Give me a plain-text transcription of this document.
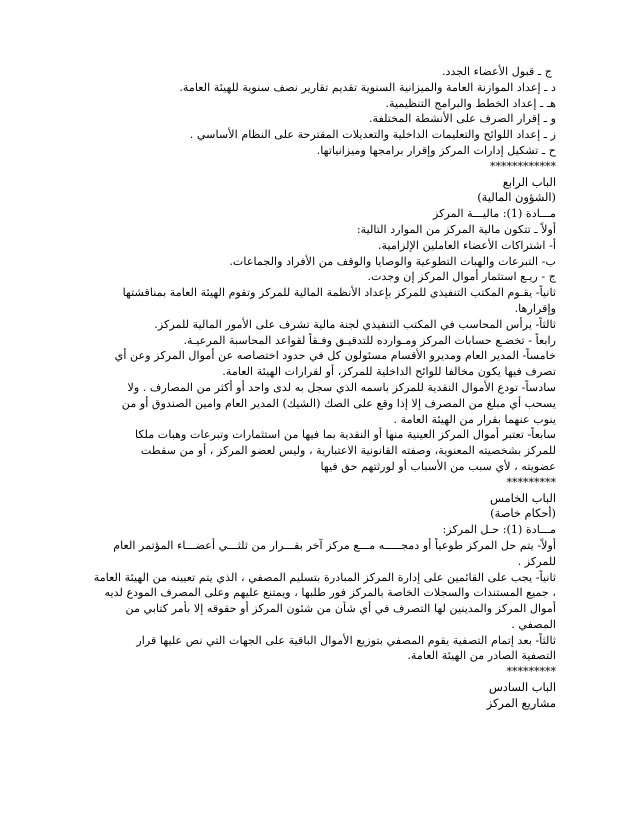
ج ـ قبول الأعضاء الجدد.
د ـ إعداد الموازنة العامة والميزانية السنوية تقديم تقارير نصف سنوية للهيئة العامة.
هـ ـ إعداد الخطط والبرامج التنظيمية.
و ـ إقرار الصرف على الأنشطة المختلفة.
ز ـ إعداد اللوائح والتعليمات الداخلية والتعديلات المقترحة على النظام الأساسي .
ح ـ تشكيل إدارات المركز وإقرار برامجها وميزانياتها.
************
الباب الرابع
(الشؤون المالية)
مـــادة (1): ماليـــة المركز
أولاً ـ تتكون مالية المركز من الموارد التالية:
أ- اشتراكات الأعضاء العاملين الإلزامية.
ب- التبرعات والهبات التطوعية والوصايا والوقف من الأفراد والجماعات.
ج - ريـع استثمار أموال المركز إن وجدت.
ثانياً- يقـوم المكتب التنفيذي للمركز بإعداد الأنظمة المالية للمركز وتقوم الهيئة العامة بمناقشتها
وإقرارها.
ثالثاً- يرأس المحاسب في المكتب التنفيذي لجنة مالية تشرف على الأمور المالية للمركز.
رابعاً - تخضـع حسابات المركز ومـوارده للتدقيـق وفـقاً لقواعد المحاسبة المرعيـة.
خامساً- المدير العام ومديرو الأقسام مسئولون كل في حدود اختصاصه عن أموال المركز وعن أي
تصرف فيها يكون مخالفا للوائح الداخلية للمركز، أو لقرارات الهيئة العامة.
سادساً- تودع الأموال النقدية للمركز باسمه الذي سجل به لدى واحد أو أكثر من المصارف . ولا
يسحب أي مبلغ من المصرف إلا إذا وقع على الصك (الشيك) المدير العام وامين الصندوق أو من
ينوب عنهما بقرار من الهيئة العامة .
سابعاً- تعتبر أموال المركز العينية منها أو النقدية بما فيها من استثمارات وتبرعات وهبات ملكا
للمركز بشخصيته المعنوية، وصفته القانونية الاعتبارية ، وليس لعضو المركز ، أو من سقطت
عضويته ، لأي سبب من الأسباب أو لورثتهم حق فيها
*********
الباب الخامس
(أحكام خاصة)
مـــادة (1): حـل المركز:
أولاً- يتم حل المركز طوعياً أو دمجـــــه مـــع مركز آخر بقـــرار من ثلثـــي أعضـــاء المؤتمر العام
للمركز .
ثانياً- يجب على القائمين على إدارة المركز المبادرة بتسليم المصفي ، الذي يتم تعيينه من الهيئة العامة
، جميع المستندات والسجلات الخاصة بالمركز فور طلبها ، ويمتنع عليهم وعلى المصرف المودع لديه
أموال المركز والمدينين لها التصرف في أي شأن من شئون المركز أو حقوقه إلا بأمر كتابي من
المصفي .
ثالثاً- بعد إتمام التصفية يقوم المصفي بتوزيع الأموال الباقية على الجهات التي نص عليها قرار
التصفية الصادر من الهيئة العامة.
*********
الباب السادس
مشاريع المركز
